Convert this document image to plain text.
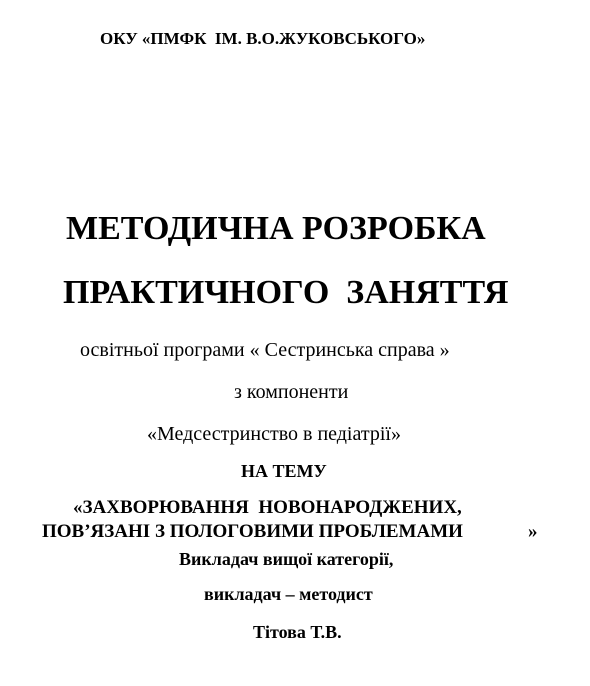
ОКУ «ПМФК  ІМ. В.О.ЖУКОВСЬКОГО»
МЕТОДИЧНА РОЗРОБКА
ПРАКТИЧНОГО  ЗАНЯТТЯ
освітньої програми « Сестринська справа »
з компоненти
«Медсестринство в педіатрії»
НА ТЕМУ
«ЗАХВОРЮВАННЯ  НОВОНАРОДЖЕНИХ,
ПОВ’ЯЗАНІ З ПОЛОГОВИМИ ПРОБЛЕМАМИ	»
Викладач вищої категорії,
викладач – методист
Тітова Т.В.
